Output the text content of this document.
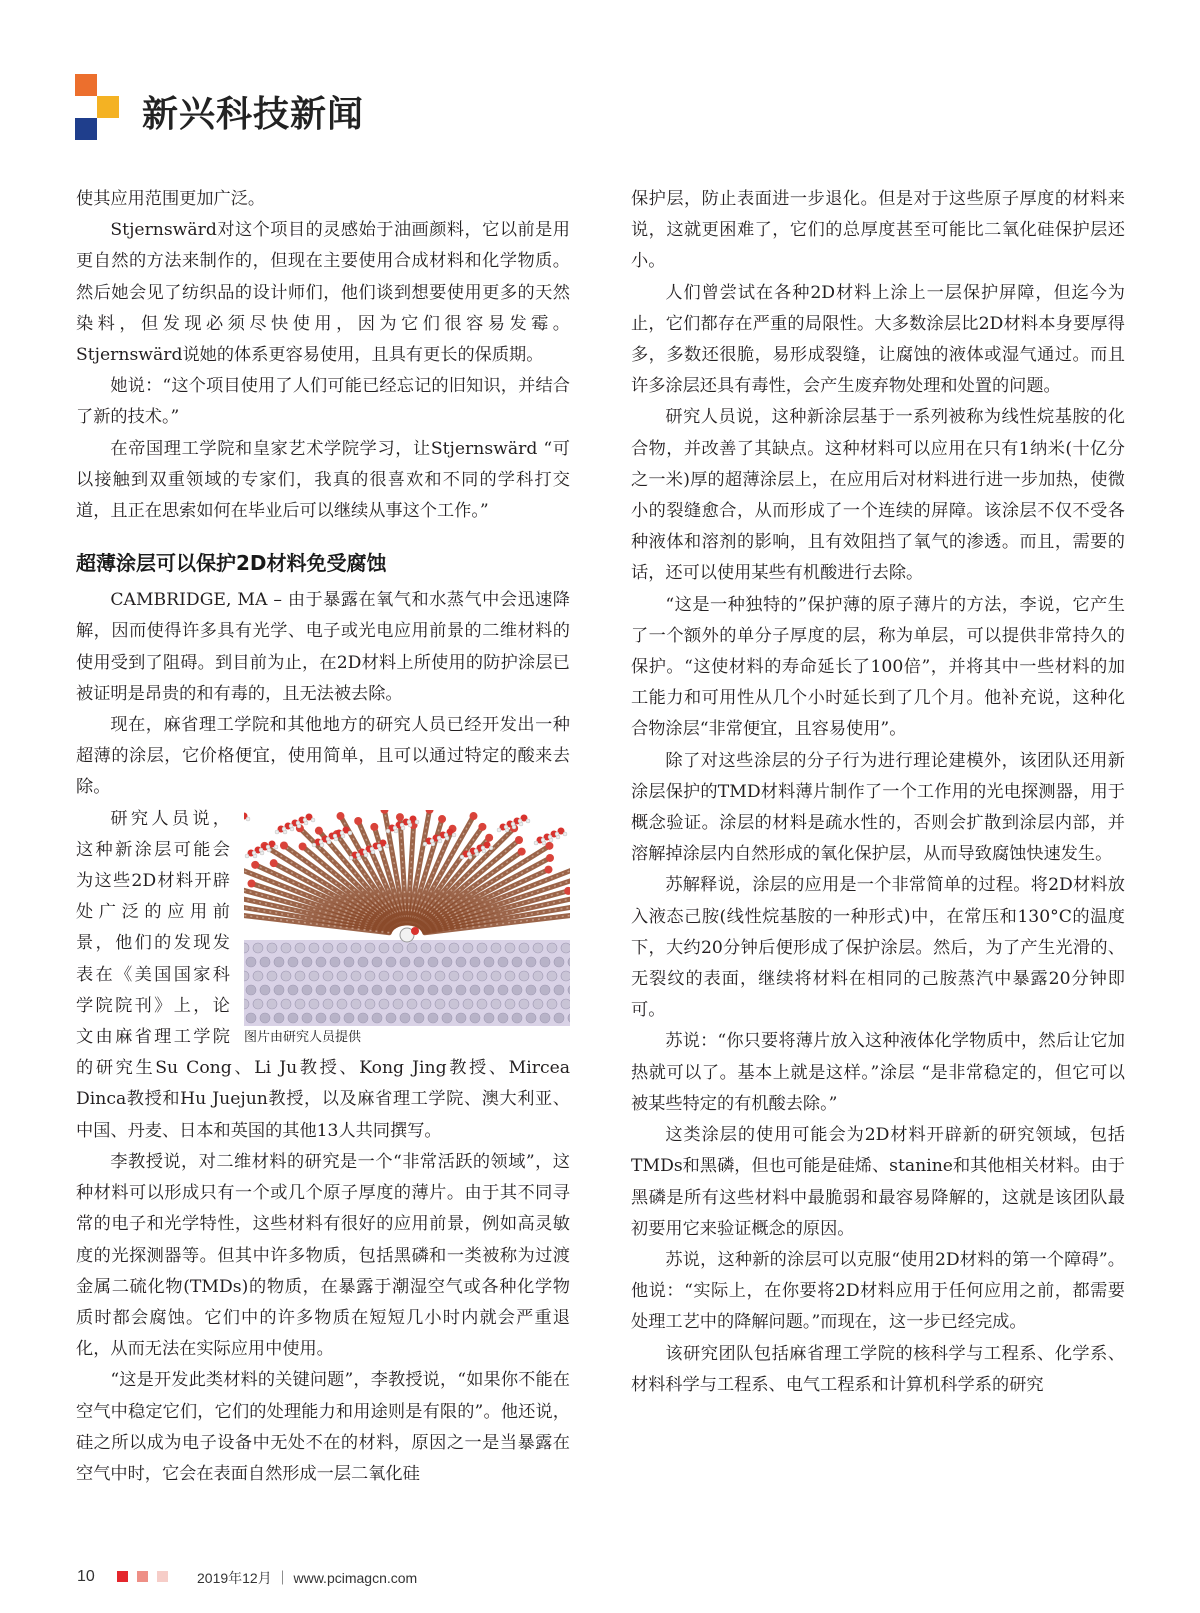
新兴科技新闻

使其应用范围更加广泛。

Stjernswärd对这个项目的灵感始于油画颜料，它以前是用更自然的方法来制作的，但现在主要使用合成材料和化学物质。然后她会见了纺织品的设计师们，他们谈到想要使用更多的天然染料，但发现必须尽快使用，因为它们很容易发霉。Stjernswärd说她的体系更容易使用，且具有更长的保质期。

她说：“这个项目使用了人们可能已经忘记的旧知识，并结合了新的技术。”

在帝国理工学院和皇家艺术学院学习，让Stjernswärd “可以接触到双重领域的专家们，我真的很喜欢和不同的学科打交道，且正在思索如何在毕业后可以继续从事这个工作。”

超薄涂层可以保护2D材料免受腐蚀

CAMBRIDGE, MA – 由于暴露在氧气和水蒸气中会迅速降解，因而使得许多具有光学、电子或光电应用前景的二维材料的使用受到了阻碍。到目前为止，在2D材料上所使用的防护涂层已被证明是昂贵的和有毒的，且无法被去除。

现在，麻省理工学院和其他地方的研究人员已经开发出一种超薄的涂层，它价格便宜，使用简单，且可以通过特定的酸来去除。

图片由研究人员提供

研究人员说，这种新涂层可能会为这些2D材料开辟处广泛的应用前景，他们的发现发表在《美国国家科学院院刊》上，论文由麻省理工学院的研究生Su Cong、Li Ju教授、Kong Jing教授、Mircea Dinca教授和Hu Juejun教授，以及麻省理工学院、澳大利亚、中国、丹麦、日本和英国的其他13人共同撰写。

李教授说，对二维材料的研究是一个“非常活跃的领域”，这种材料可以形成只有一个或几个原子厚度的薄片。由于其不同寻常的电子和光学特性，这些材料有很好的应用前景，例如高灵敏度的光探测器等。但其中许多物质，包括黑磷和一类被称为过渡金属二硫化物(TMDs)的物质，在暴露于潮湿空气或各种化学物质时都会腐蚀。它们中的许多物质在短短几小时内就会严重退化，从而无法在实际应用中使用。

“这是开发此类材料的关键问题”，李教授说，“如果你不能在空气中稳定它们，它们的处理能力和用途则是有限的”。他还说，硅之所以成为电子设备中无处不在的材料，原因之一是当暴露在空气中时，它会在表面自然形成一层二氧化硅

保护层，防止表面进一步退化。但是对于这些原子厚度的材料来说，这就更困难了，它们的总厚度甚至可能比二氧化硅保护层还小。

人们曾尝试在各种2D材料上涂上一层保护屏障，但迄今为止，它们都存在严重的局限性。大多数涂层比2D材料本身要厚得多，多数还很脆，易形成裂缝，让腐蚀的液体或湿气通过。而且许多涂层还具有毒性，会产生废弃物处理和处置的问题。

研究人员说，这种新涂层基于一系列被称为线性烷基胺的化合物，并改善了其缺点。这种材料可以应用在只有1纳米(十亿分之一米)厚的超薄涂层上，在应用后对材料进行进一步加热，使微小的裂缝愈合，从而形成了一个连续的屏障。该涂层不仅不受各种液体和溶剂的影响，且有效阻挡了氧气的渗透。而且，需要的话，还可以使用某些有机酸进行去除。

“这是一种独特的”保护薄的原子薄片的方法，李说，它产生了一个额外的单分子厚度的层，称为单层，可以提供非常持久的保护。“这使材料的寿命延长了100倍”，并将其中一些材料的加工能力和可用性从几个小时延长到了几个月。他补充说，这种化合物涂层“非常便宜，且容易使用”。

除了对这些涂层的分子行为进行理论建模外，该团队还用新涂层保护的TMD材料薄片制作了一个工作用的光电探测器，用于概念验证。涂层的材料是疏水性的，否则会扩散到涂层内部，并溶解掉涂层内自然形成的氧化保护层，从而导致腐蚀快速发生。

苏解释说，涂层的应用是一个非常简单的过程。将2D材料放入液态己胺(线性烷基胺的一种形式)中，在常压和130°C的温度下，大约20分钟后便形成了保护涂层。然后，为了产生光滑的、无裂纹的表面，继续将材料在相同的己胺蒸汽中暴露20分钟即可。

苏说：“你只要将薄片放入这种液体化学物质中，然后让它加热就可以了。基本上就是这样。”涂层 “是非常稳定的，但它可以被某些特定的有机酸去除。”

这类涂层的使用可能会为2D材料开辟新的研究领域，包括TMDs和黑磷，但也可能是硅烯、stanine和其他相关材料。由于黑磷是所有这些材料中最脆弱和最容易降解的，这就是该团队最初要用它来验证概念的原因。

苏说，这种新的涂层可以克服“使用2D材料的第一个障碍”。他说：“实际上，在你要将2D材料应用于任何应用之前，都需要处理工艺中的降解问题。”而现在，这一步已经完成。

该研究团队包括麻省理工学院的核科学与工程系、化学系、材料科学与工程系、电气工程系和计算机科学系的研究

10	2019年12月 ｜ www.pcimagcn.com
